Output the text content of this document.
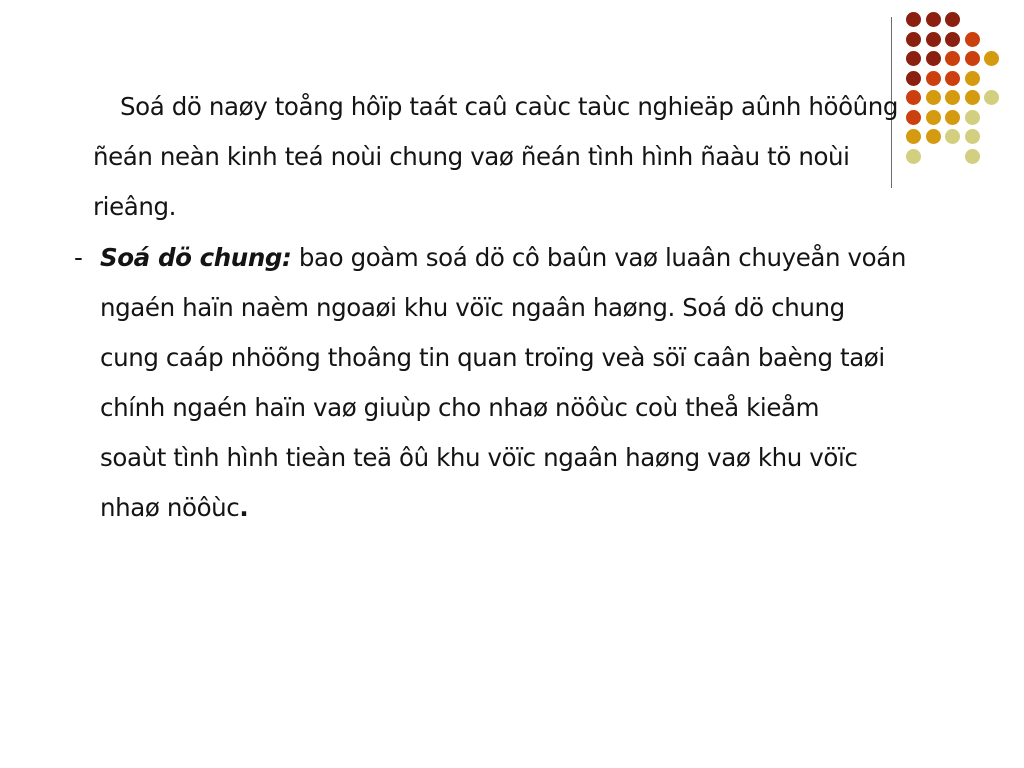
Soá dö naøy toång hôïp taát caû caùc taùc nghieäp aûnh höôûng
ñeán neàn kinh teá noùi chung vaø ñeán tình hình ñaàu tö noùi
rieâng.

- Soá dö chung: bao goàm soá dö cô baûn vaø luaân chuyeån voán
ngaén haïn naèm ngoaøi khu vöïc ngaân haøng. Soá dö chung
cung caáp nhöõng thoâng tin quan troïng veà söï caân baèng taøi
chính ngaén haïn vaø giuùp cho nhaø nöôùc coù theå kieåm
soaùt tình hình tieàn teä ôû khu vöïc ngaân haøng vaø khu vöïc
nhaø nöôùc.
